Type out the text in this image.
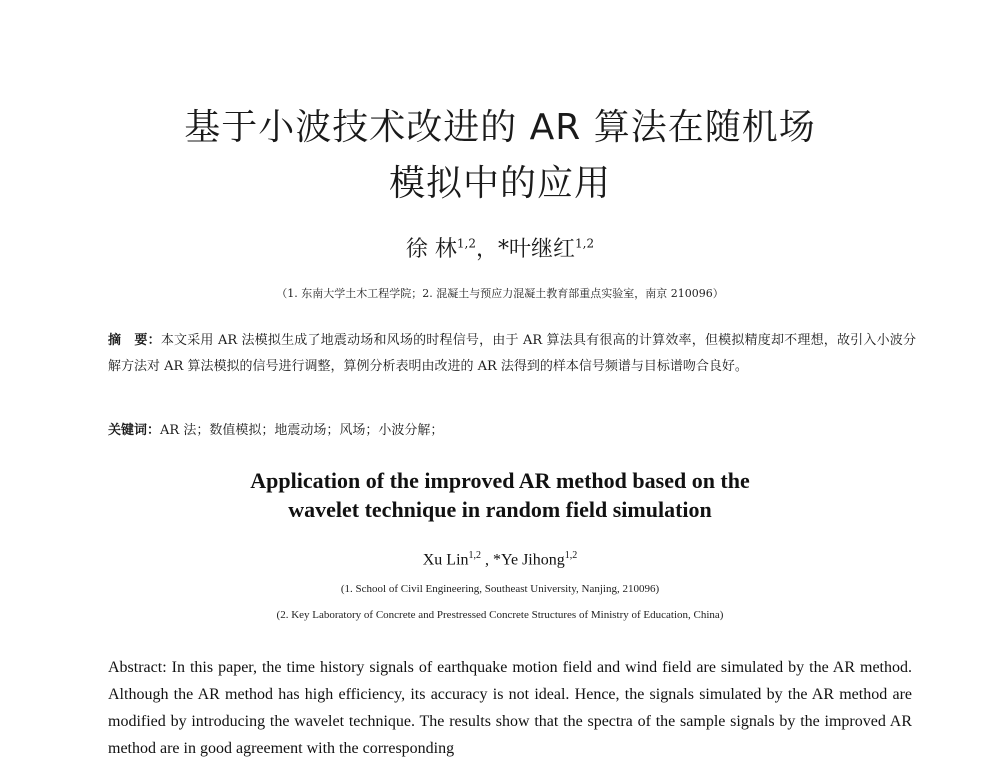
基于小波技术改进的 AR 算法在随机场
模拟中的应用
徐 林$^{1,2}$，*叶继红$^{1,2}$
（1. 东南大学土木工程学院；2. 混凝土与预应力混凝土教育部重点实验室，南京 210096）
摘　要：本文采用 AR 法模拟生成了地震动场和风场的时程信号，由于 AR 算法具有很高的计算效率，但模拟精度却不理想，故引入小波分解方法对 AR 算法模拟的信号进行调整，算例分析表明由改进的 AR 法得到的样本信号频谱与目标谱吻合良好。
关键词：AR 法；数值模拟；地震动场；风场；小波分解；
Application of the improved AR method based on the
wavelet technique in random field simulation
Xu Lin$^{1,2}$ , *Ye Jihong$^{1,2}$
(1. School of Civil Engineering, Southeast University, Nanjing, 210096)
(2. Key Laboratory of Concrete and Prestressed Concrete Structures of Ministry of Education, China)
Abstract: In this paper, the time history signals of earthquake motion field and wind field are simulated by the AR method. Although the AR method has high efficiency, its accuracy is not ideal. Hence, the signals simulated by the AR method are modified by introducing the wavelet technique. The results show that the spectra of the sample signals by the improved AR method are in good agreement with the corresponding
